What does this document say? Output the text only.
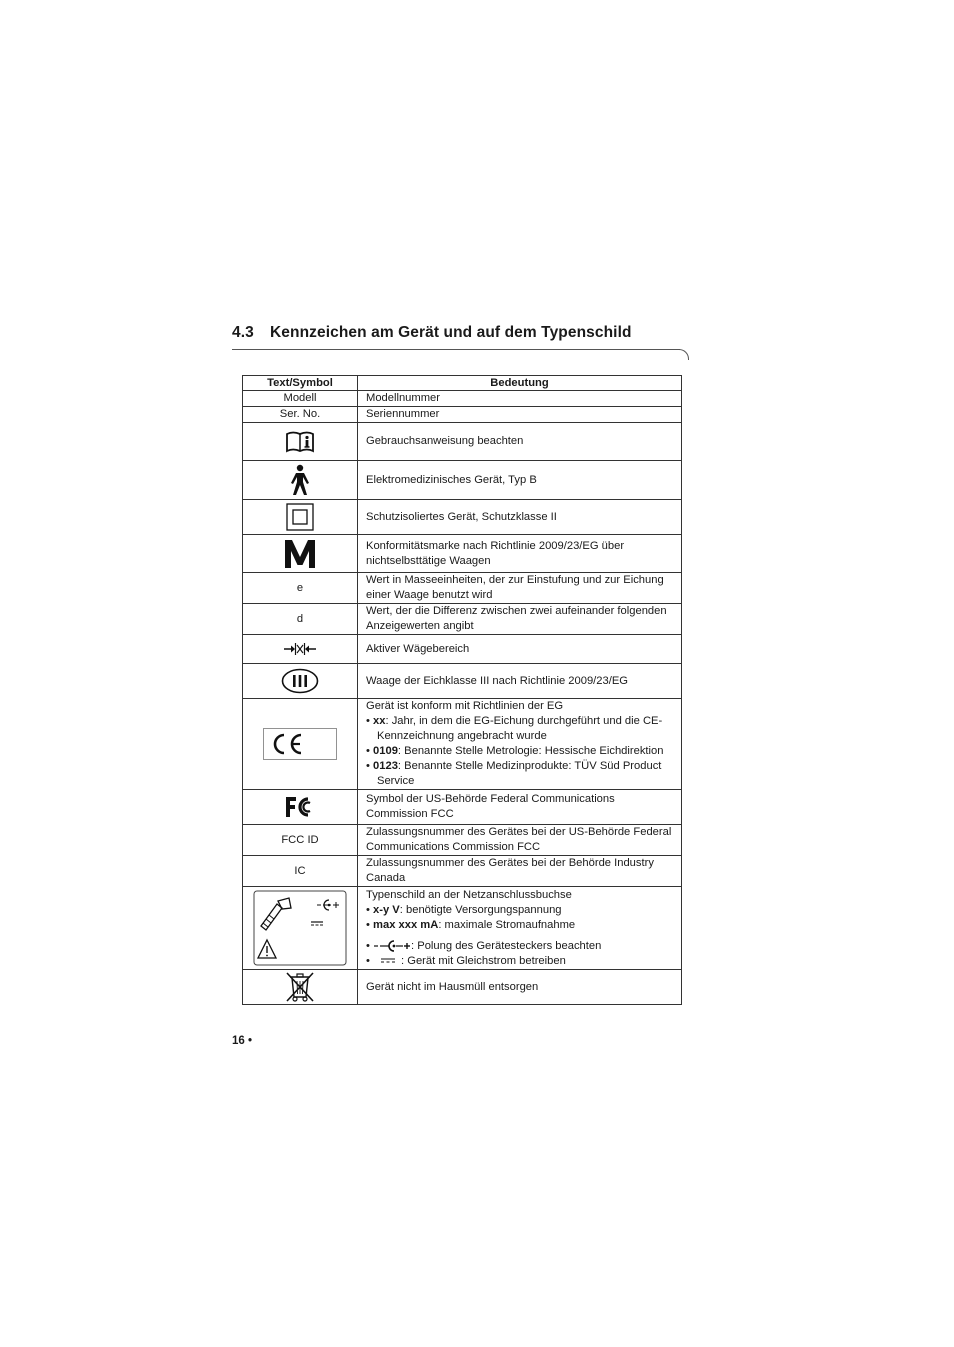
4.3 Kennzeichen am Gerät und auf dem Typenschild
Text/Symbol	Bedeutung
Modell	Modellnummer
Ser. No.	Seriennummer

	Gebrauchsanweisung beachten

	Elektromedizinisches Gerät, Typ B

	Schutzisoliertes Gerät, Schutzklasse II

	Konformitätsmarke nach Richtlinie 2009/23/EG über nichtselbsttätige Waagen
e	Wert in Masseeinheiten, der zur Einstufung und zur Eichung einer Waage benutzt wird
d	Wert, der die Differenz zwischen zwei aufeinander folgenden Anzeigewerten angibt

	Aktiver Wägebereich

	Waage der Eichklasse III nach Richtlinie 2009/23/EG

	Gerät ist konform mit Richtlinien der EG
• xx: Jahr, in dem die EG-Eichung durchgeführt und die CE-Kennzeichnung angebracht wurde
• 0109: Benannte Stelle Metrologie: Hessische Eichdirektion
• 0123: Benannte Stelle Medizinprodukte: TÜV Süd Product Service

	Symbol der US-Behörde Federal Communications Commission FCC
FCC ID	Zulassungsnummer des Gerätes bei der US-Behörde Federal Communications Commission FCC
IC	Zulassungsnummer des Gerätes bei der Behörde Industry Canada

	Typenschild an der Netzanschlussbuchse
• x-y V: benötigte Versorgungspannung
• max xxx mA: maximale Stromaufnahme
• : Polung des Gerätesteckers beachten
• : Gerät mit Gleichstrom betreiben

	Gerät nicht im Hausmüll entsorgen
16 •
